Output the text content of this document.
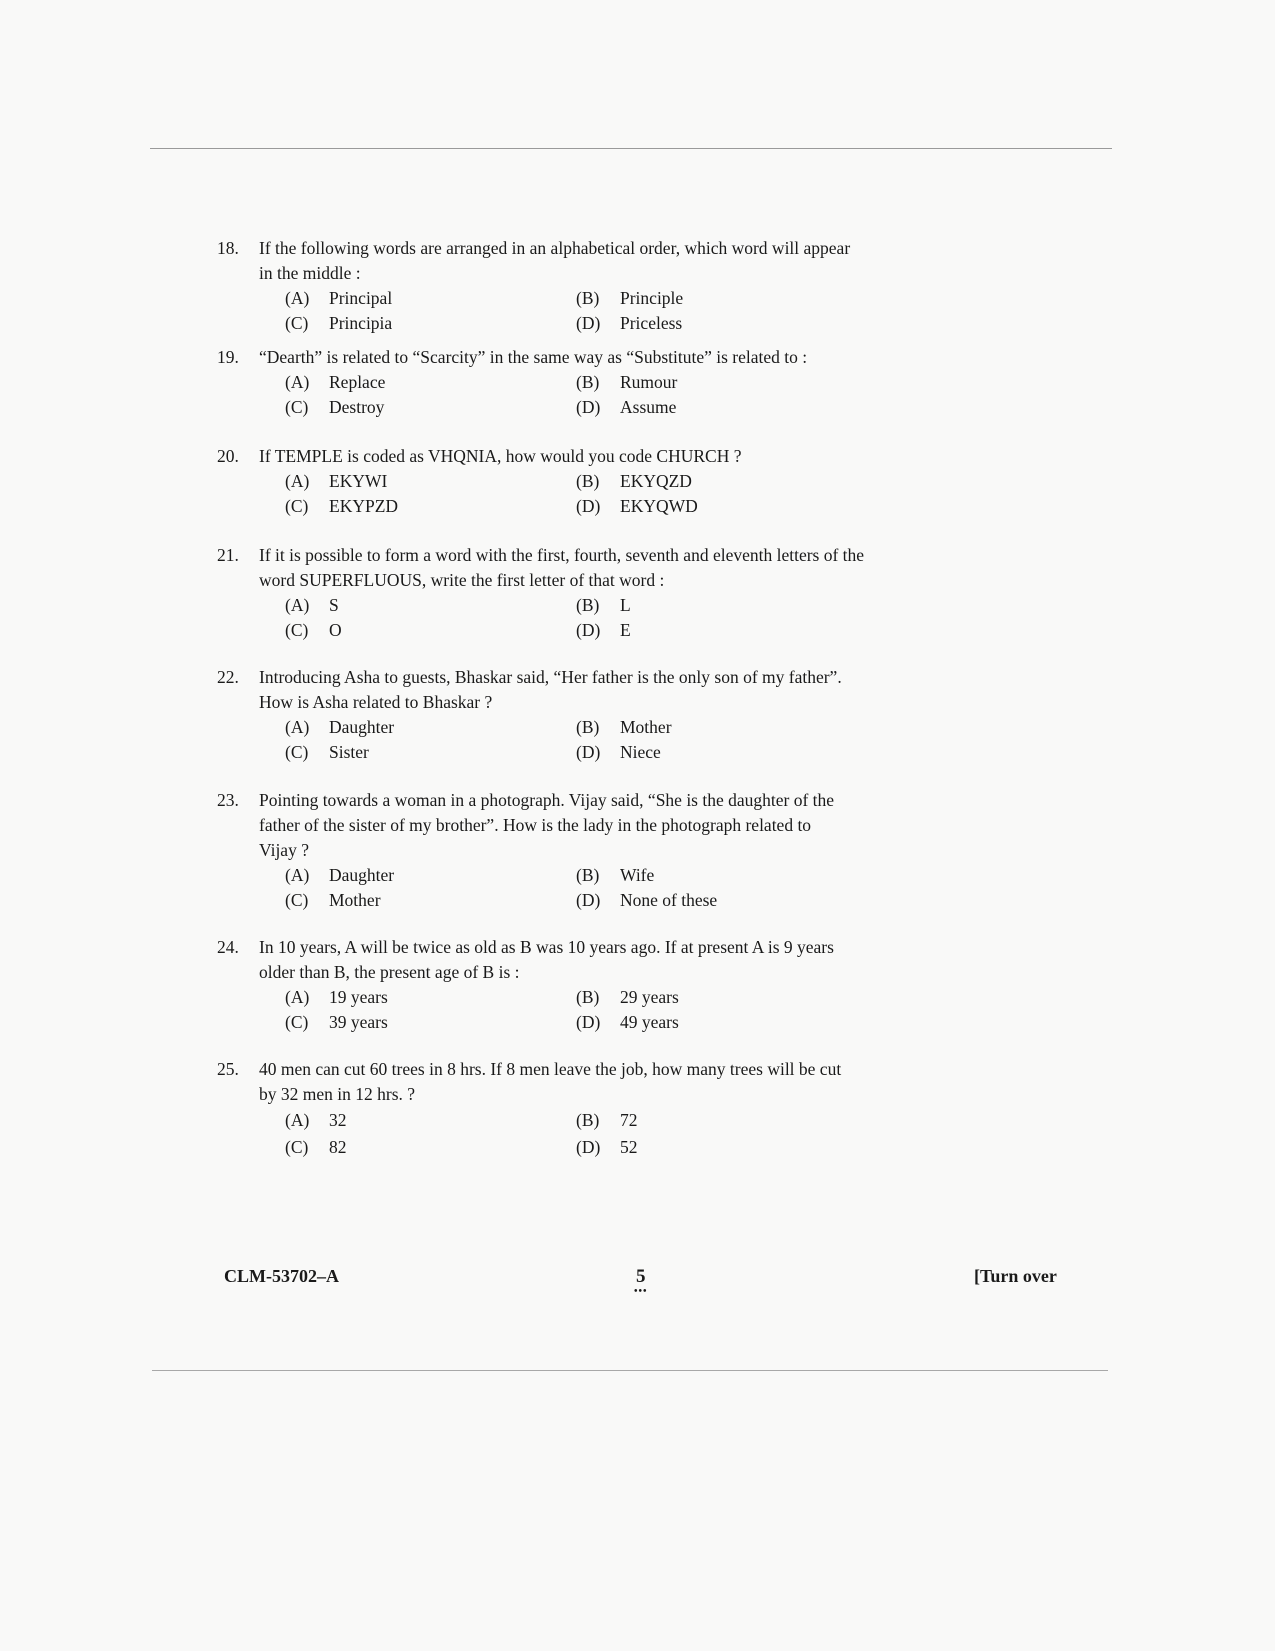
18.	If the following words are arranged in an alphabetical order, which word will appear
in the middle :
(A)	Principal	(B)	Principle
(C)	Principia	(D)	Priceless
19.	“Dearth” is related to “Scarcity” in the same way as “Substitute” is related to :
(A)	Replace	(B)	Rumour
(C)	Destroy	(D)	Assume
20.	If TEMPLE is coded as VHQNIA, how would you code CHURCH ?
(A)	EKYWI	(B)	EKYQZD
(C)	EKYPZD	(D)	EKYQWD
21.	If it is possible to form a word with the first, fourth, seventh and eleventh letters of the
word SUPERFLUOUS, write the first letter of that word :
(A)	S	(B)	L
(C)	O	(D)	E
22.	Introducing Asha to guests, Bhaskar said, “Her father is the only son of my father”.
How is Asha related to Bhaskar ?
(A)	Daughter	(B)	Mother
(C)	Sister	(D)	Niece
23.	Pointing towards a woman in a photograph. Vijay said, “She is the daughter of the
father of the sister of my brother”. How is the lady in the photograph related to
Vijay ?
(A)	Daughter	(B)	Wife
(C)	Mother	(D)	None of these
24.	In 10 years, A will be twice as old as B was 10 years ago. If at present A is 9 years
older than B, the present age of B is :
(A)	19 years	(B)	29 years
(C)	39 years	(D)	49 years
25.	40 men can cut 60 trees in 8 hrs. If 8 men leave the job, how many trees will be cut
by 32 men in 12 hrs. ?
(A)	32	(B)	72
(C)	82	(D)	52
CLM-53702–A	5
•••
[Turn over
